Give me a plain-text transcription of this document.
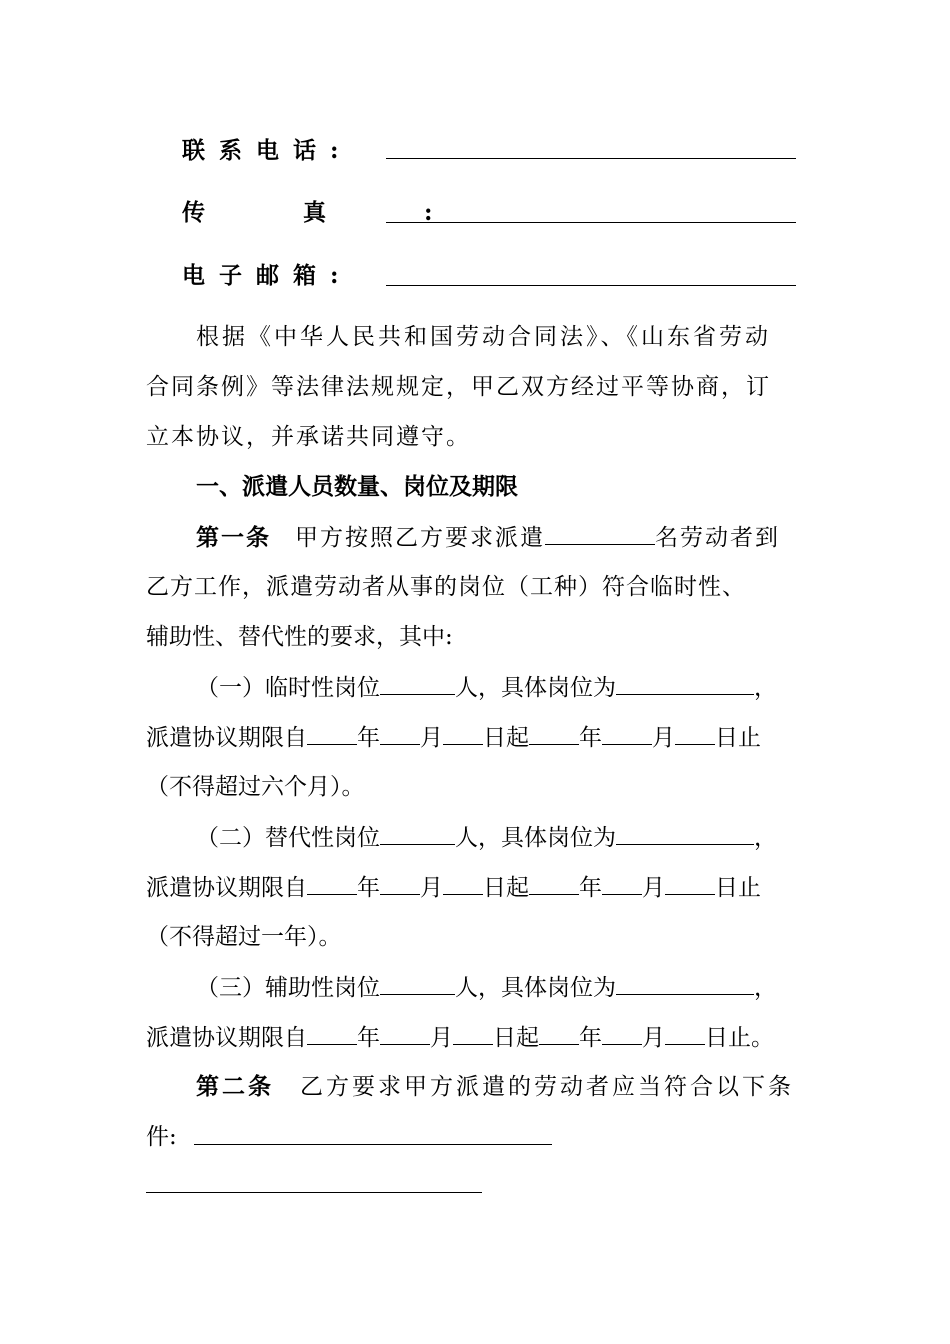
联系电话:
传真:
电子邮箱:
根据《中华人民共和国劳动合同法》、《山东省劳动
合同条例》等法律法规规定，甲乙双方经过平等协商，订
立本协议，并承诺共同遵守。
一、派遣人员数量、岗位及期限
第一条 甲方按照乙方要求派遣	名劳动者到
乙方工作，派遣劳动者从事的岗位（工种）符合临时性、
辅助性、替代性的要求，其中:
（一）临时性岗位	人，具体岗位为	，
派遣协议期限自 年 月 日起 年 月 日止
（不得超过六个月）。
（二）替代性岗位	人，具体岗位为	，
派遣协议期限自 年 月 日起 年 月 日止
（不得超过一年）。
（三）辅助性岗位	人，具体岗位为	，
派遣协议期限自 年 月 日起 年 月 日止。
第二条 乙方要求甲方派遣的劳动者应当符合以下条
件:
